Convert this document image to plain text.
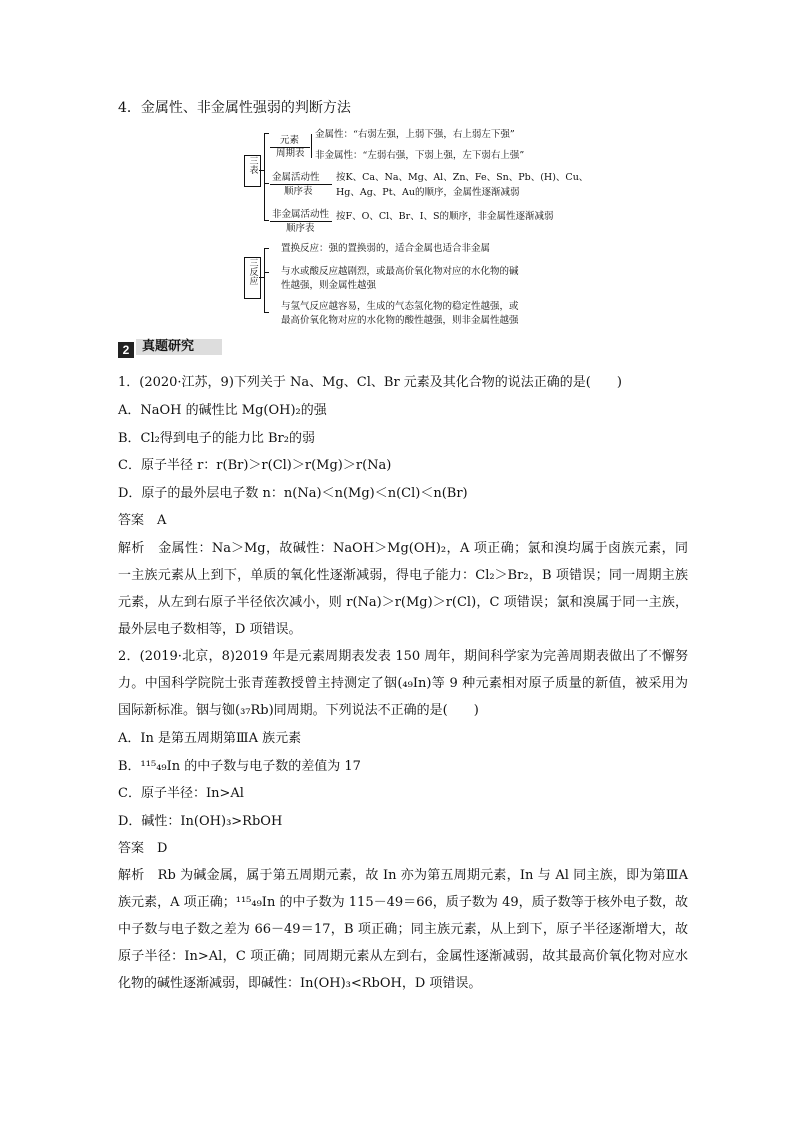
4．金属性、非金属性强弱的判断方法
三表
元素
周期表
金属性：“右弱左强，上弱下强，右上弱左下强”
非金属性：“左弱右强，下弱上强，左下弱右上强”
金属活动性
顺序表
按K、Ca、Na、Mg、Al、Zn、Fe、Sn、Pb、(H)、Cu、
Hg、Ag、Pt、Au的顺序，金属性逐渐减弱
非金属活动性
顺序表
按F、O、Cl、Br、I、S的顺序，非金属性逐渐减弱
三反应
置换反应：强的置换弱的，适合金属也适合非金属
与水或酸反应越剧烈，或最高价氧化物对应的水化物的碱
性越强，则金属性越强
与氢气反应越容易，生成的气态氢化物的稳定性越强，或
最高价氧化物对应的水化物的酸性越强，则非金属性越强
2 真题研究
1．(2020·江苏，9)下列关于 Na、Mg、Cl、Br 元素及其化合物的说法正确的是(　　)
A．NaOH 的碱性比 Mg(OH)₂的强
B．Cl₂得到电子的能力比 Br₂的弱
C．原子半径 r：r(Br)＞r(Cl)＞r(Mg)＞r(Na)
D．原子的最外层电子数 n：n(Na)＜n(Mg)＜n(Cl)＜n(Br)
答案　A
解析　金属性：Na＞Mg，故碱性：NaOH＞Mg(OH)₂，A 项正确；氯和溴均属于卤族元素，同一主族元素从上到下，单质的氧化性逐渐减弱，得电子能力：Cl₂＞Br₂，B 项错误；同一周期主族元素，从左到右原子半径依次减小，则 r(Na)＞r(Mg)＞r(Cl)，C 项错误；氯和溴属于同一主族，最外层电子数相等，D 项错误。
2．(2019·北京，8)2019 年是元素周期表发表 150 周年，期间科学家为完善周期表做出了不懈努力。中国科学院院士张青莲教授曾主持测定了铟(₄₉In)等 9 种元素相对原子质量的新值，被采用为国际新标准。铟与铷(₃₇Rb)同周期。下列说法不正确的是(　　)
A．In 是第五周期第ⅢA 族元素
B．¹¹⁵₄₉In 的中子数与电子数的差值为 17
C．原子半径：In>Al
D．碱性：In(OH)₃>RbOH
答案　D
解析　Rb 为碱金属，属于第五周期元素，故 In 亦为第五周期元素，In 与 Al 同主族，即为第ⅢA 族元素，A 项正确；¹¹⁵₄₉In 的中子数为 115－49＝66，质子数为 49，质子数等于核外电子数，故中子数与电子数之差为 66－49＝17，B 项正确；同主族元素，从上到下，原子半径逐渐增大，故原子半径：In>Al，C 项正确；同周期元素从左到右，金属性逐渐减弱，故其最高价氧化物对应水化物的碱性逐渐减弱，即碱性：In(OH)₃<RbOH，D 项错误。
